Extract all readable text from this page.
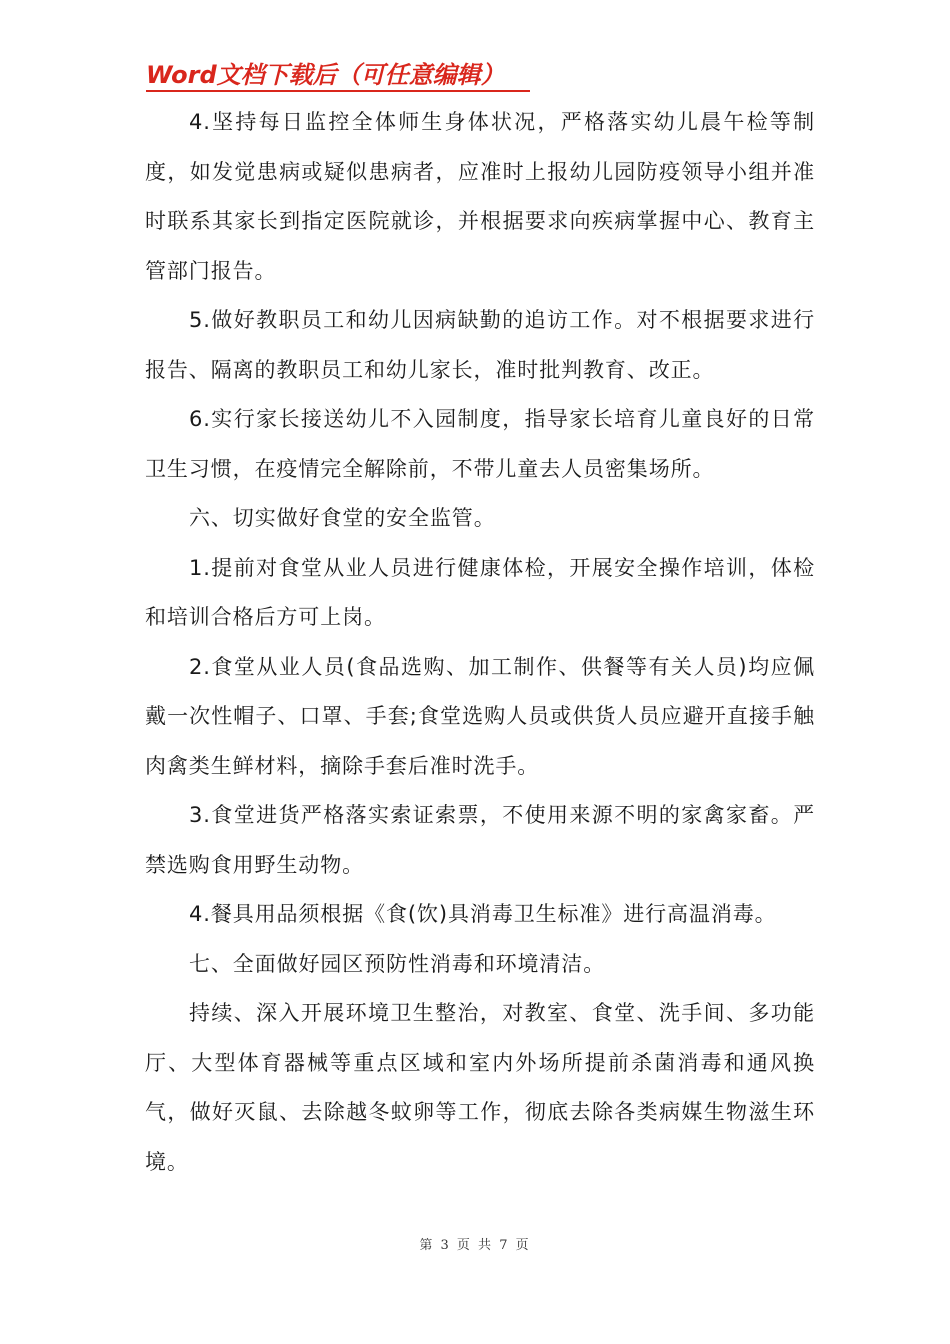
Word文档下载后（可任意编辑）

4.坚持每日监控全体师生身体状况，严格落实幼儿晨午检等制度，如发觉患病或疑似患病者，应准时上报幼儿园防疫领导小组并准时联系其家长到指定医院就诊，并根据要求向疾病掌握中心、教育主管部门报告。

5.做好教职员工和幼儿因病缺勤的追访工作。对不根据要求进行报告、隔离的教职员工和幼儿家长，准时批判教育、改正。

6.实行家长接送幼儿不入园制度，指导家长培育儿童良好的日常卫生习惯，在疫情完全解除前，不带儿童去人员密集场所。

六、切实做好食堂的安全监管。

1.提前对食堂从业人员进行健康体检，开展安全操作培训，体检和培训合格后方可上岗。

2.食堂从业人员(食品选购、加工制作、供餐等有关人员)均应佩戴一次性帽子、口罩、手套;食堂选购人员或供货人员应避开直接手触肉禽类生鲜材料，摘除手套后准时洗手。

3.食堂进货严格落实索证索票，不使用来源不明的家禽家畜。严禁选购食用野生动物。

4.餐具用品须根据《食(饮)具消毒卫生标准》进行高温消毒。

七、全面做好园区预防性消毒和环境清洁。

持续、深入开展环境卫生整治，对教室、食堂、洗手间、多功能厅、大型体育器械等重点区域和室内外场所提前杀菌消毒和通风换气，做好灭鼠、去除越冬蚊卵等工作，彻底去除各类病媒生物滋生环境。

第 3 页 共 7 页
